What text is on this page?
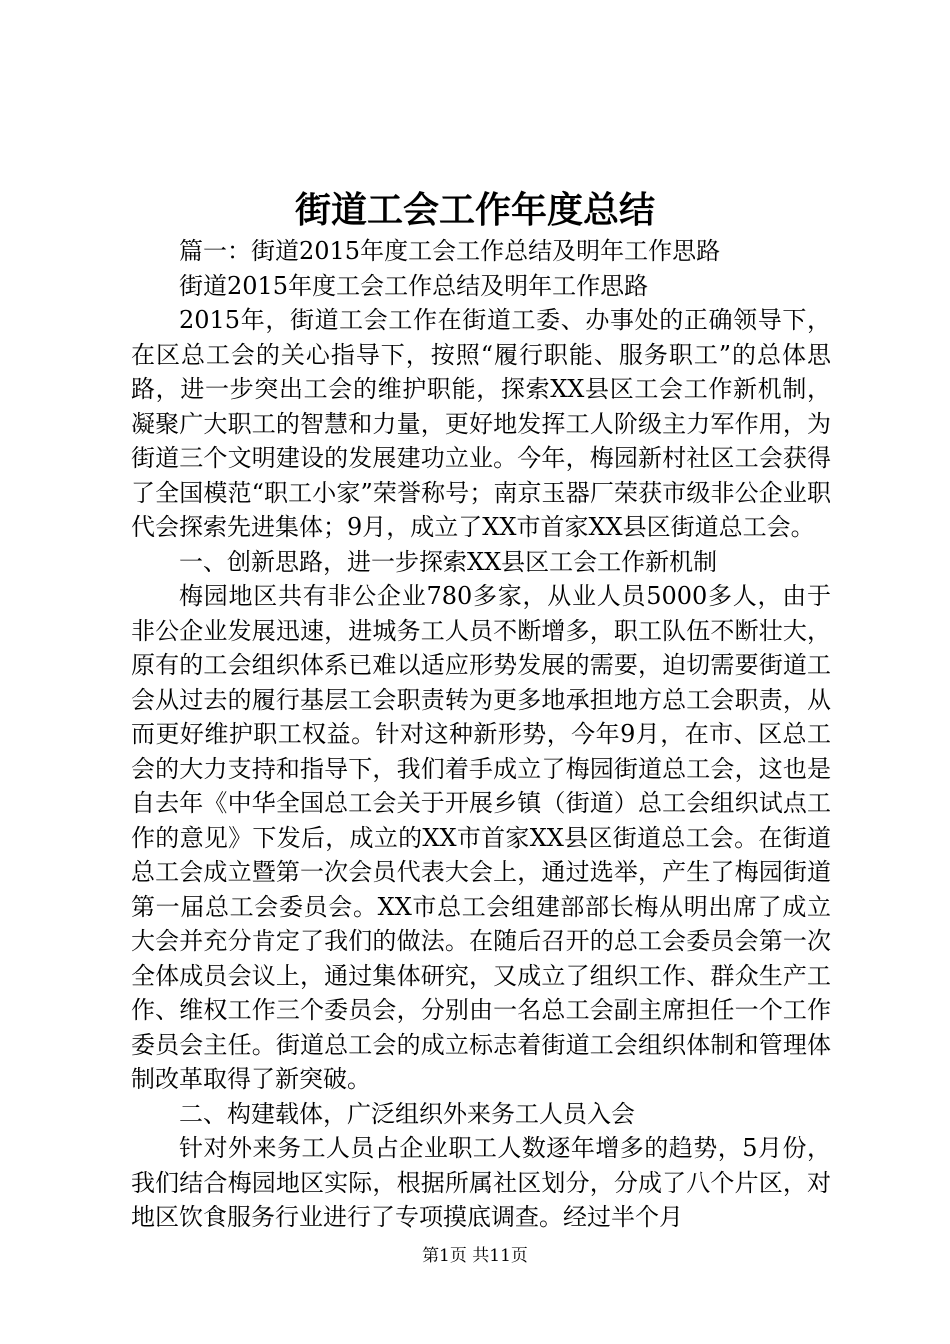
街道工会工作年度总结

篇一：街道2015年度工会工作总结及明年工作思路

街道2015年度工会工作总结及明年工作思路

2015年，街道工会工作在街道工委、办事处的正确领导下，在区总工会的关心指导下，按照“履行职能、服务职工”的总体思路，进一步突出工会的维护职能，探索XX县区工会工作新机制，凝聚广大职工的智慧和力量，更好地发挥工人阶级主力军作用，为街道三个文明建设的发展建功立业。今年，梅园新村社区工会获得了全国模范“职工小家”荣誉称号；南京玉器厂荣获市级非公企业职代会探索先进集体；9月，成立了XX市首家XX县区街道总工会。

一、创新思路，进一步探索XX县区工会工作新机制

梅园地区共有非公企业780多家，从业人员5000多人，由于非公企业发展迅速，进城务工人员不断增多，职工队伍不断壮大，原有的工会组织体系已难以适应形势发展的需要，迫切需要街道工会从过去的履行基层工会职责转为更多地承担地方总工会职责，从而更好维护职工权益。针对这种新形势，今年9月，在市、区总工会的大力支持和指导下，我们着手成立了梅园街道总工会，这也是自去年《中华全国总工会关于开展乡镇（街道）总工会组织试点工作的意见》下发后，成立的XX市首家XX县区街道总工会。在街道总工会成立暨第一次会员代表大会上，通过选举，产生了梅园街道第一届总工会委员会。XX市总工会组建部部长梅从明出席了成立大会并充分肯定了我们的做法。在随后召开的总工会委员会第一次全体成员会议上，通过集体研究，又成立了组织工作、群众生产工作、维权工作三个委员会，分别由一名总工会副主席担任一个工作委员会主任。街道总工会的成立标志着街道工会组织体制和管理体制改革取得了新突破。

二、构建载体，广泛组织外来务工人员入会

针对外来务工人员占企业职工人数逐年增多的趋势，5月份，我们结合梅园地区实际，根据所属社区划分，分成了八个片区，对地区饮食服务行业进行了专项摸底调查。经过半个月

第1页 共11页
